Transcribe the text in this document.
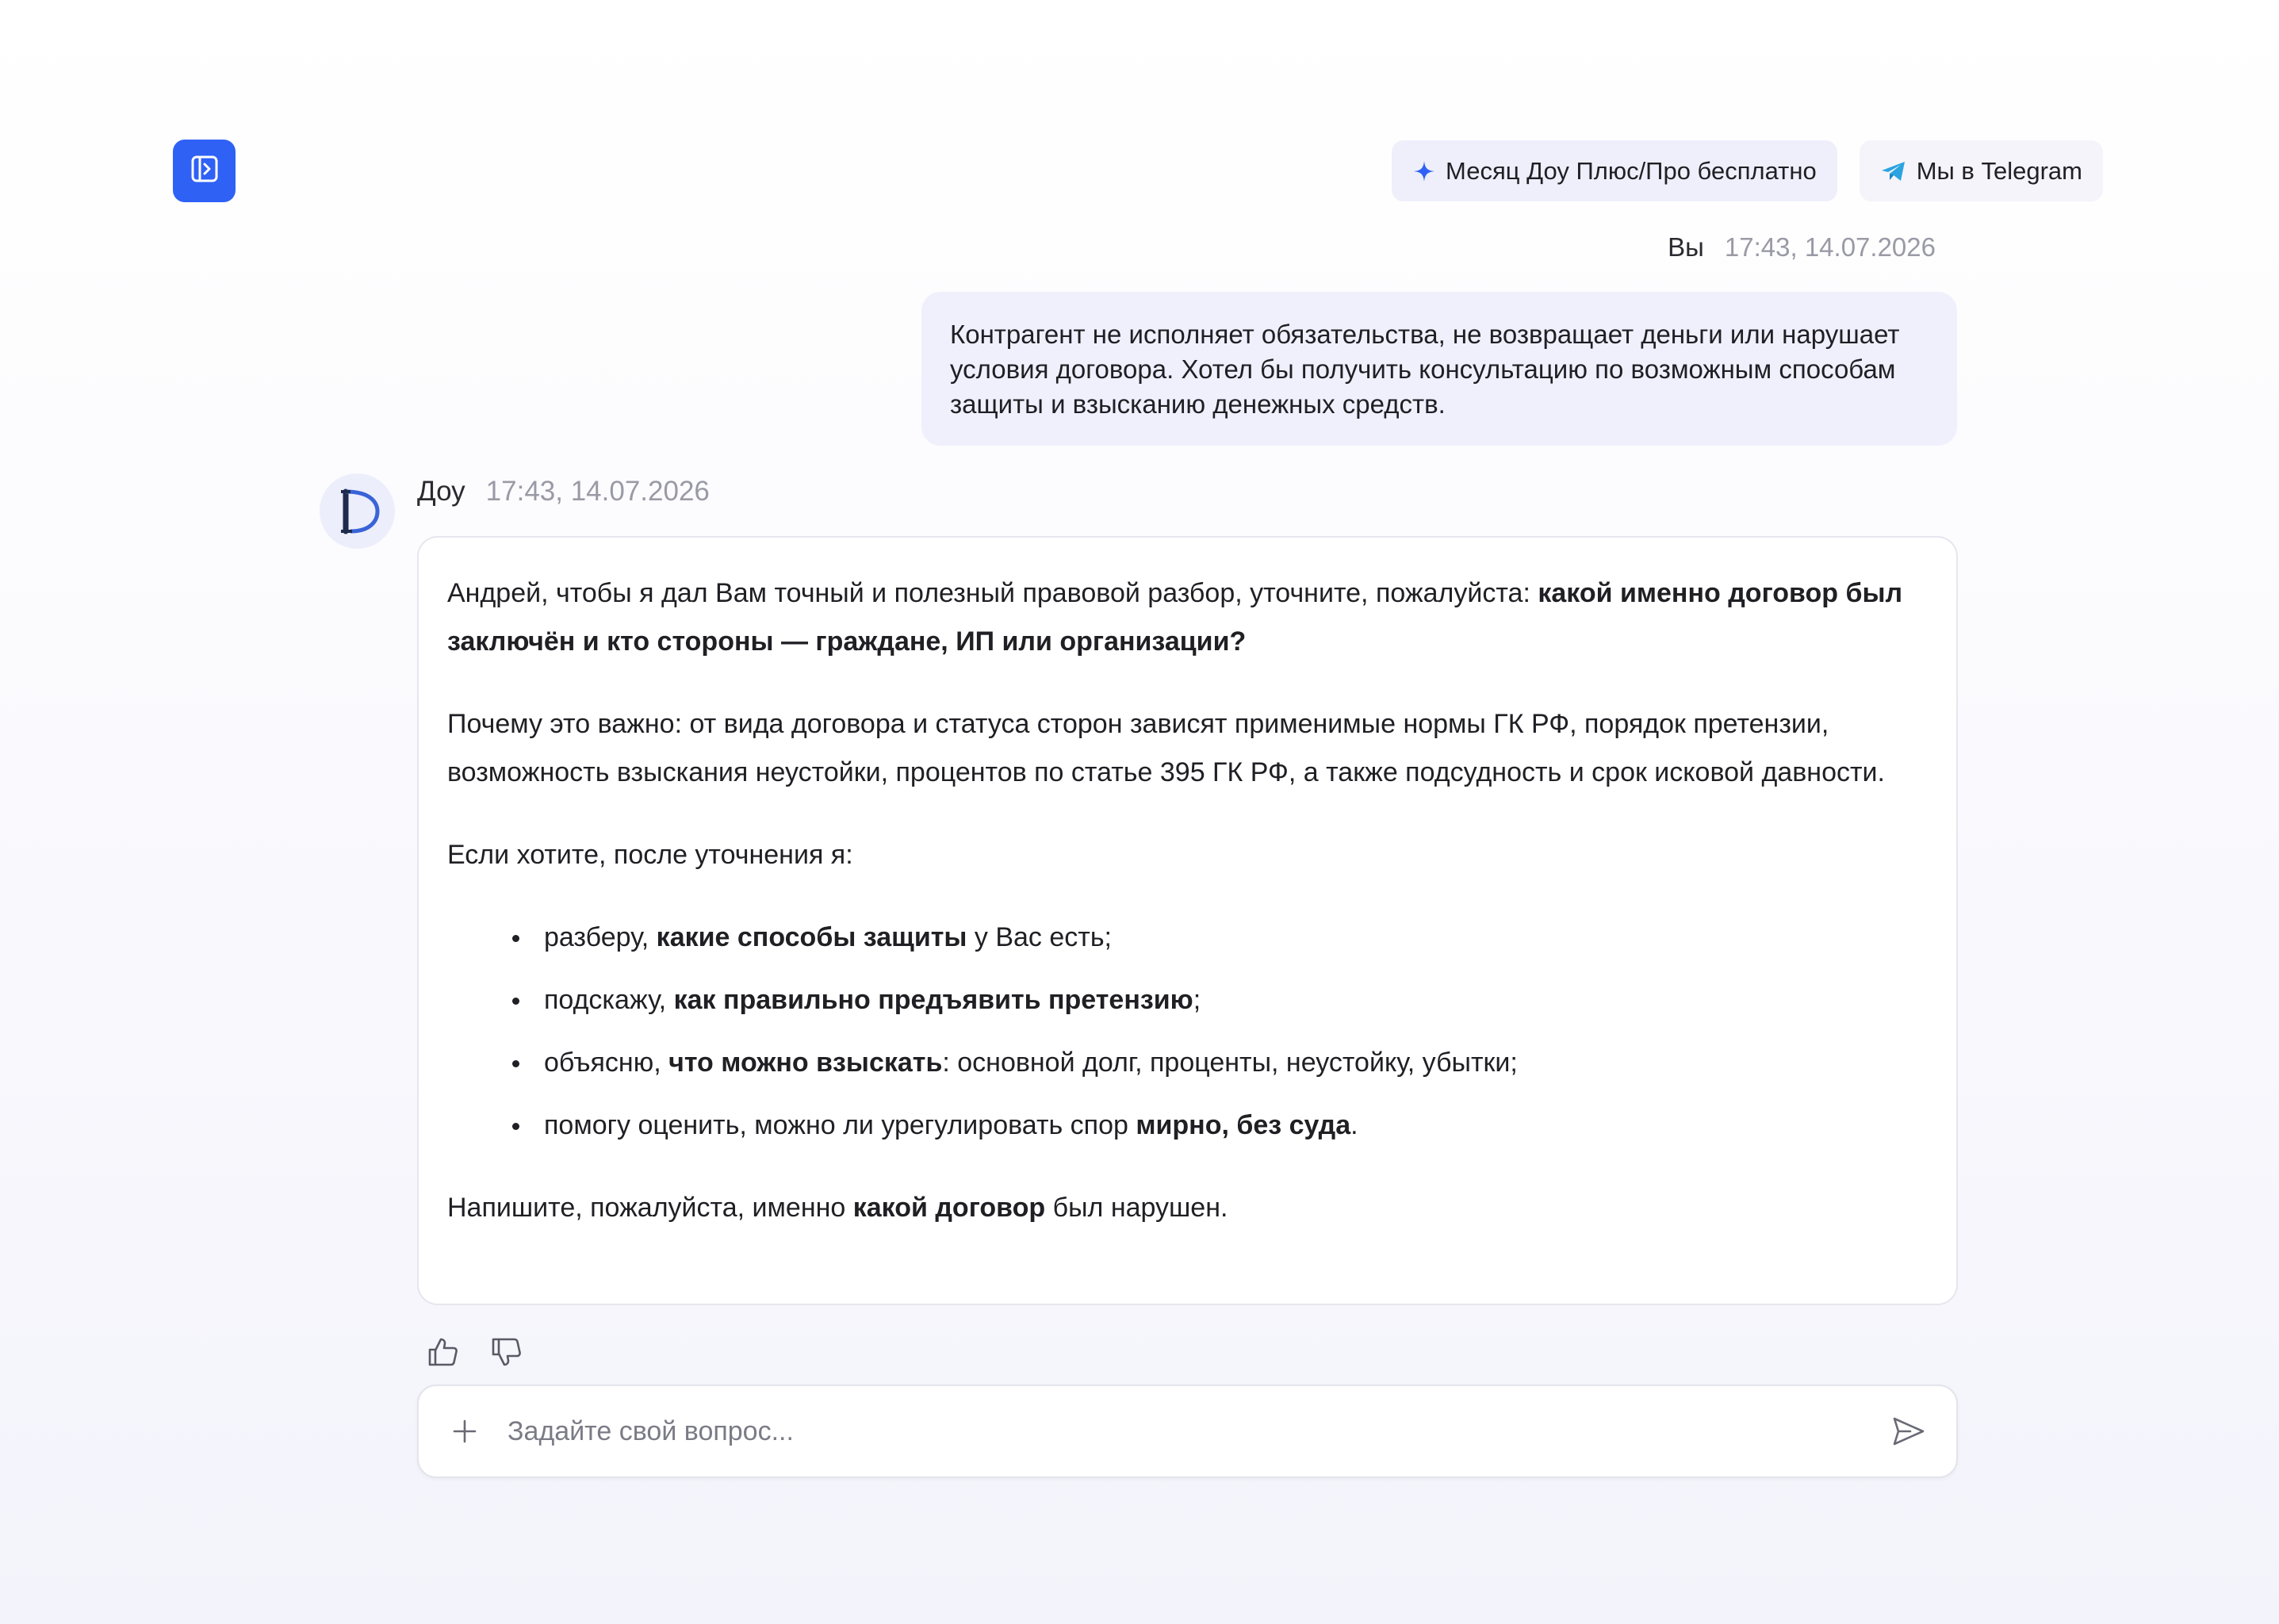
Месяц Доу Плюс/Про бесплатно	Мы в Telegram
Вы 17:43, 14.07.2026
Контрагент не исполняет обязательства, не возвращает деньги или нарушает условия договора. Хотел бы получить консультацию по возможным способам защиты и взысканию денежных средств.
Доу 17:43, 14.07.2026

Андрей, чтобы я дал Вам точный и полезный правовой разбор, уточните, пожалуйста: какой именно договор был заключён и кто стороны — граждане, ИП или организации?

Почему это важно: от вида договора и статуса сторон зависят применимые нормы ГК РФ, порядок претензии, возможность взыскания неустойки, процентов по статье 395 ГК РФ, а также подсудность и срок исковой давности.

Если хотите, после уточнения я:

разберу, какие способы защиты у Вас есть;
подскажу, как правильно предъявить претензию;
объясню, что можно взыскать: основной долг, проценты, неустойку, убытки;
помогу оценить, можно ли урегулировать спор мирно, без суда.

Напишите, пожалуйста, именно какой договор был нарушен.

Задайте свой вопрос...
